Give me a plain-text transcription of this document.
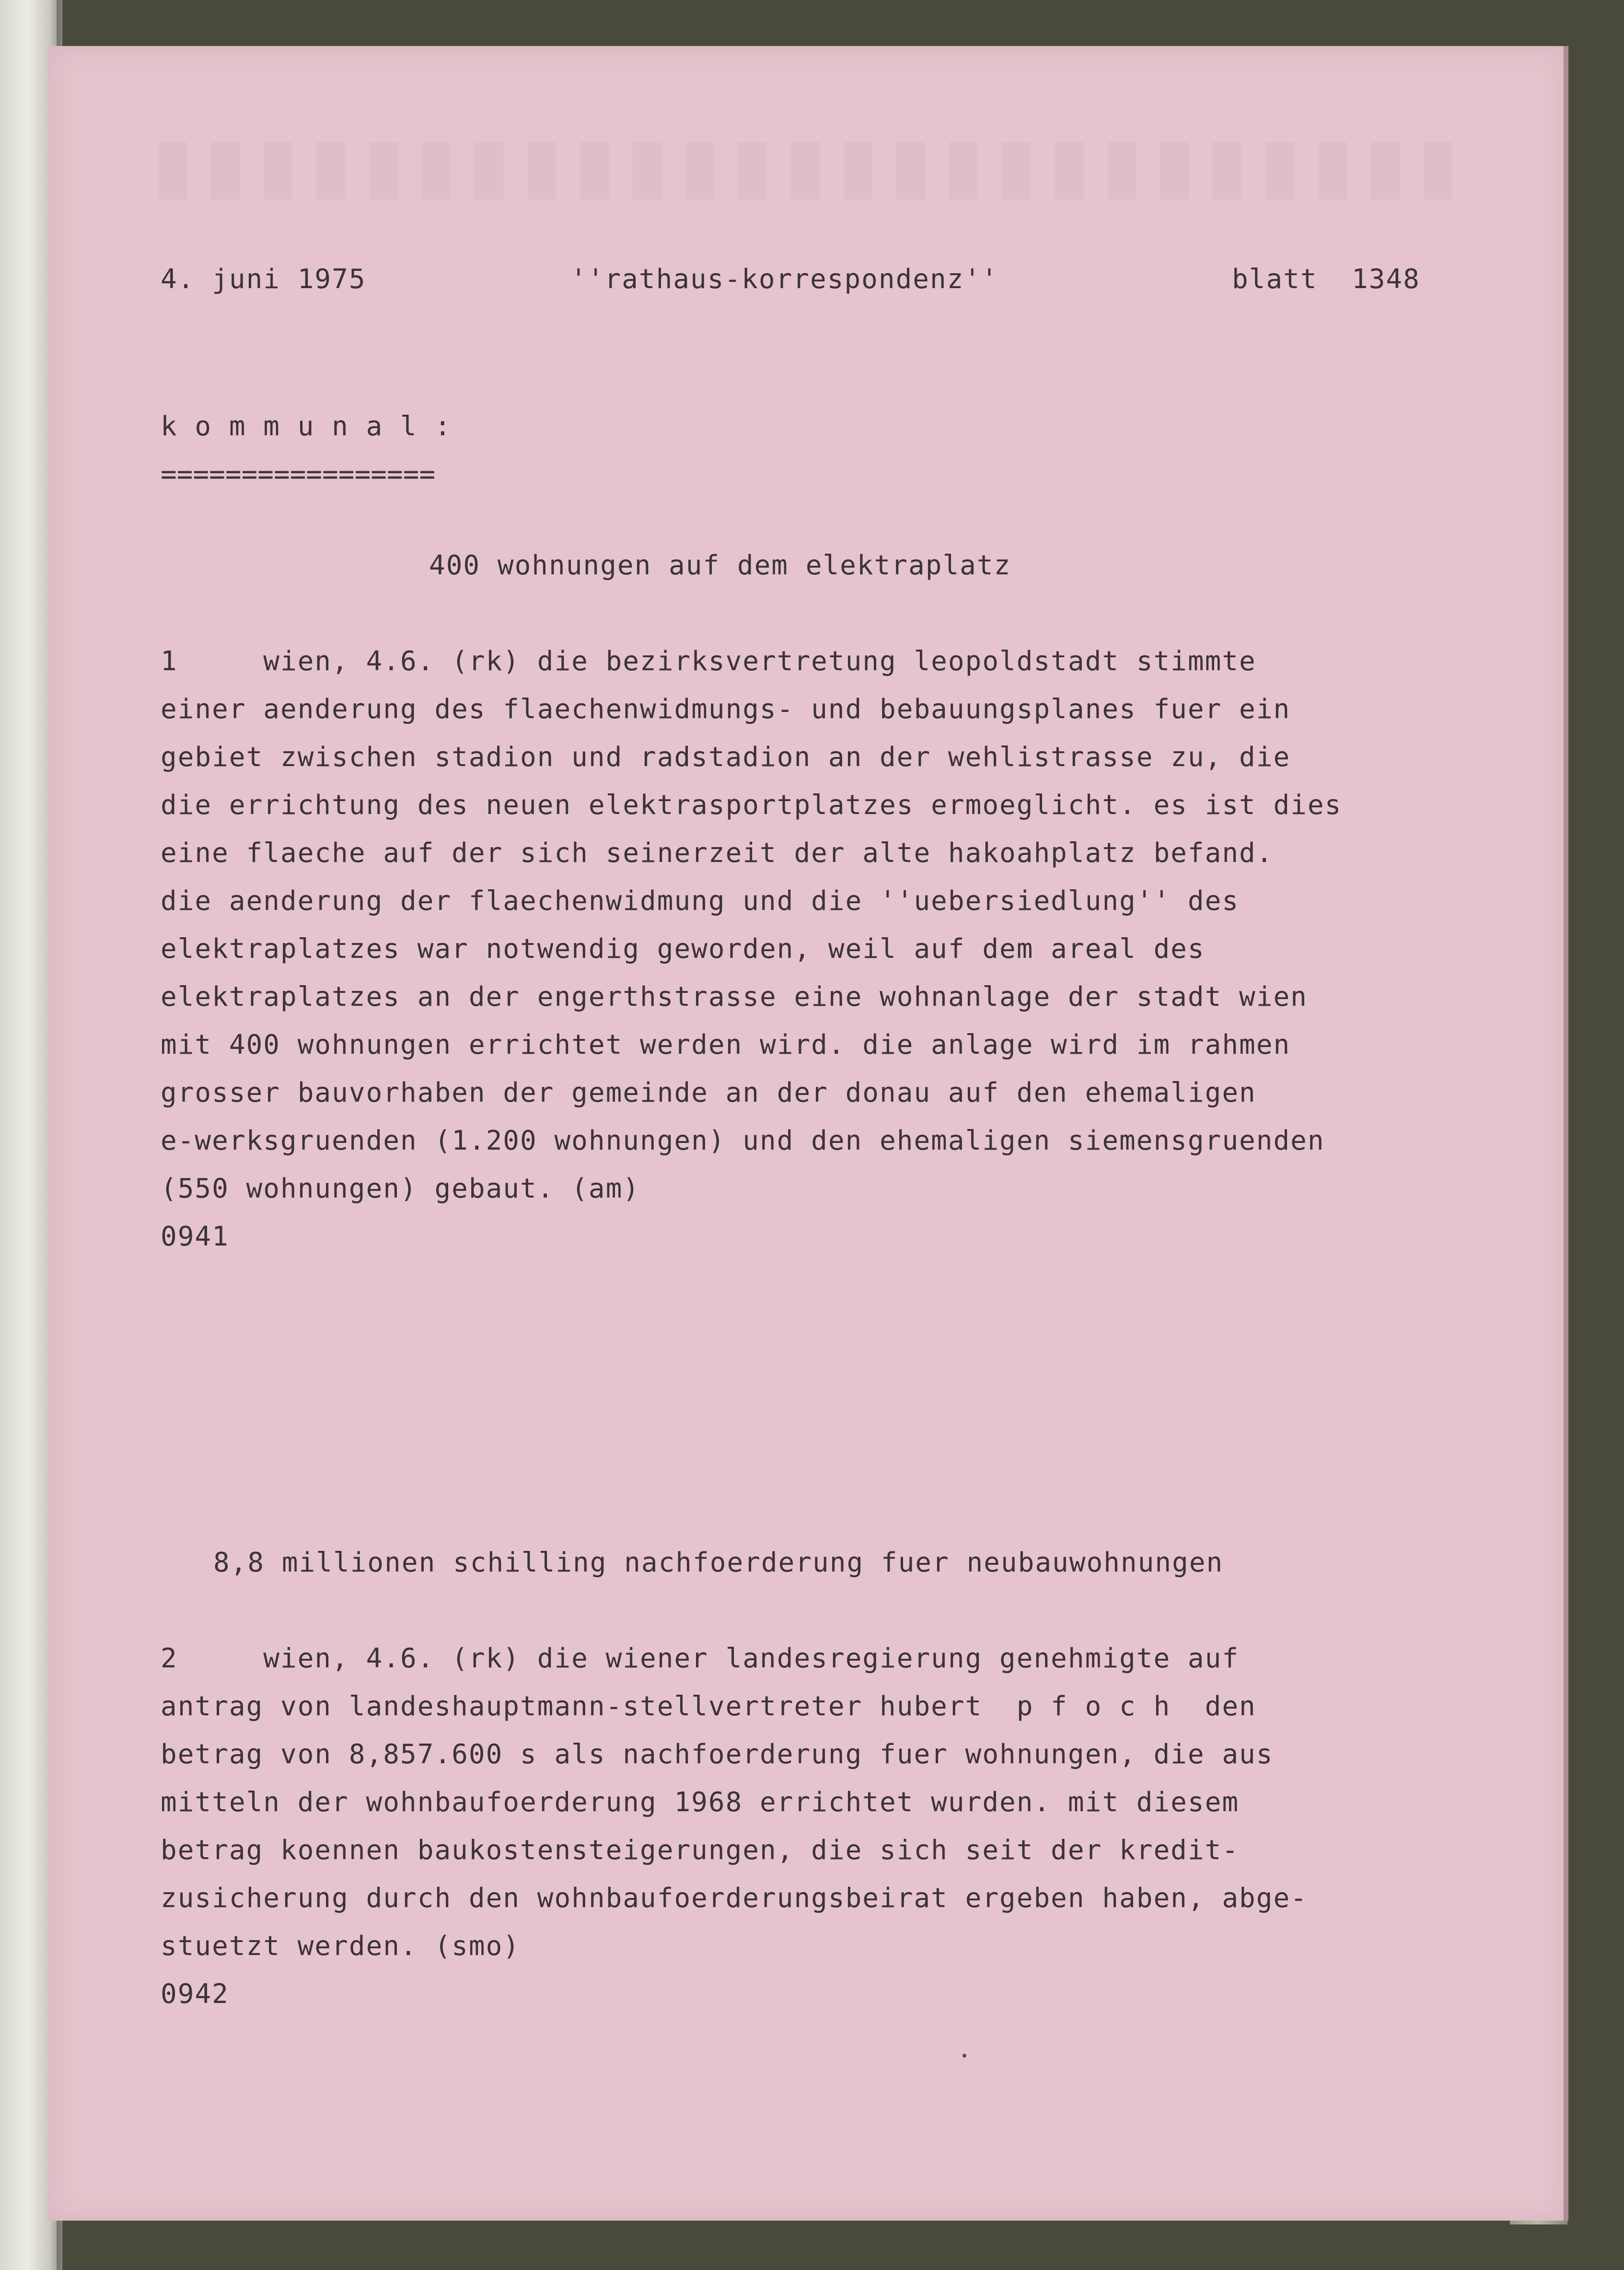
4. juni 1975	''rathaus-korrespondenz''	blatt  1348

k o m m u n a l :

=================

400 wohnungen auf dem elektraplatz

1     wien, 4.6. (rk) die bezirksvertretung leopoldstadt stimmte

einer aenderung des flaechenwidmungs- und bebauungsplanes fuer ein

gebiet zwischen stadion und radstadion an der wehlistrasse zu, die

die errichtung des neuen elektrasportplatzes ermoeglicht. es ist dies

eine flaeche auf der sich seinerzeit der alte hakoahplatz befand.

die aenderung der flaechenwidmung und die ''uebersiedlung'' des

elektraplatzes war notwendig geworden, weil auf dem areal des

elektraplatzes an der engerthstrasse eine wohnanlage der stadt wien

mit 400 wohnungen errichtet werden wird. die anlage wird im rahmen

grosser bauvorhaben der gemeinde an der donau auf den ehemaligen

e-werksgruenden (1.200 wohnungen) und den ehemaligen siemensgruenden

(550 wohnungen) gebaut. (am)

0941

8,8 millionen schilling nachfoerderung fuer neubauwohnungen

2     wien, 4.6. (rk) die wiener landesregierung genehmigte auf

antrag von landeshauptmann-stellvertreter hubert  p f o c h  den

betrag von 8,857.600 s als nachfoerderung fuer wohnungen, die aus

mitteln der wohnbaufoerderung 1968 errichtet wurden. mit diesem

betrag koennen baukostensteigerungen, die sich seit der kredit-

zusicherung durch den wohnbaufoerderungsbeirat ergeben haben, abge-

stuetzt werden. (smo)

0942
